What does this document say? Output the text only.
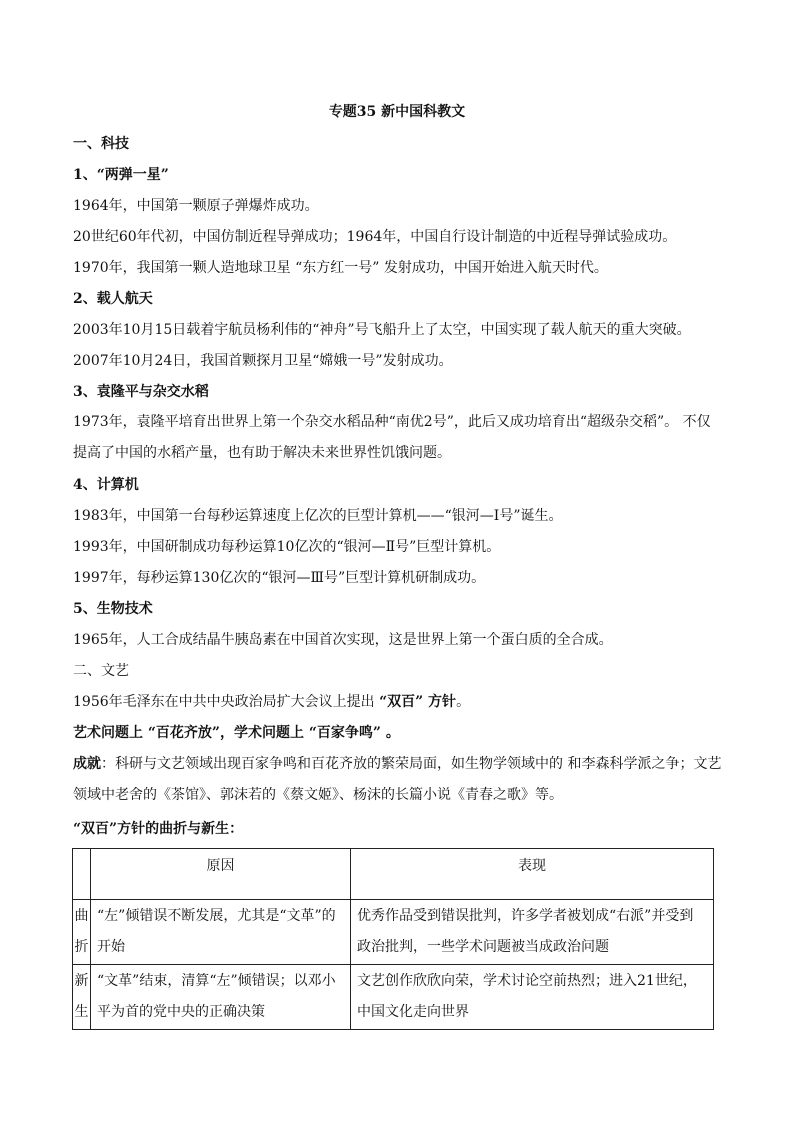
专题35 新中国科教文
一、科技
1、“两弹一星”
1964年，中国第一颗原子弹爆炸成功。
20世纪60年代初，中国仿制近程导弹成功；1964年，中国自行设计制造的中近程导弹试验成功。
1970年，我国第一颗人造地球卫星 “东方红一号” 发射成功，中国开始进入航天时代。
2、载人航天
2003年10月15日载着宇航员杨利伟的“神舟”号飞船升上了太空，中国实现了载人航天的重大突破。
2007年10月24日，我国首颗探月卫星“嫦娥一号”发射成功。
3、袁隆平与杂交水稻
1973年，袁隆平培育出世界上第一个杂交水稻品种“南优2号”，此后又成功培育出“超级杂交稻”。 不仅提高了中国的水稻产量，也有助于解决未来世界性饥饿问题。
4、计算机
1983年，中国第一台每秒运算速度上亿次的巨型计算机——“银河—Ⅰ号”诞生。
1993年，中国研制成功每秒运算10亿次的“银河—Ⅱ号”巨型计算机。
1997年，每秒运算130亿次的“银河—Ⅲ号”巨型计算机研制成功。
5、生物技术
1965年，人工合成结晶牛胰岛素在中国首次实现，这是世界上第一个蛋白质的全合成。
二、文艺
1956年毛泽东在中共中央政治局扩大会议上提出 “双百” 方针。
艺术问题上 “百花齐放”，学术问题上 “百家争鸣” 。
成就：科研与文艺领域出现百家争鸣和百花齐放的繁荣局面，如生物学领域中的 和李森科学派之争；文艺领域中老舍的《茶馆》、郭沫若的《蔡文姬》、杨沫的长篇小说《青春之歌》等。
“双百”方针的曲折与新生：
	原因	表现
曲折	“左”倾错误不断发展，尤其是“文革”的开始	优秀作品受到错误批判，许多学者被划成“右派”并受到政治批判，一些学术问题被当成政治问题
新生	“文革”结束，清算“左”倾错误；以邓小平为首的党中央的正确决策	文艺创作欣欣向荣，学术讨论空前热烈；进入21世纪，中国文化走向世界
